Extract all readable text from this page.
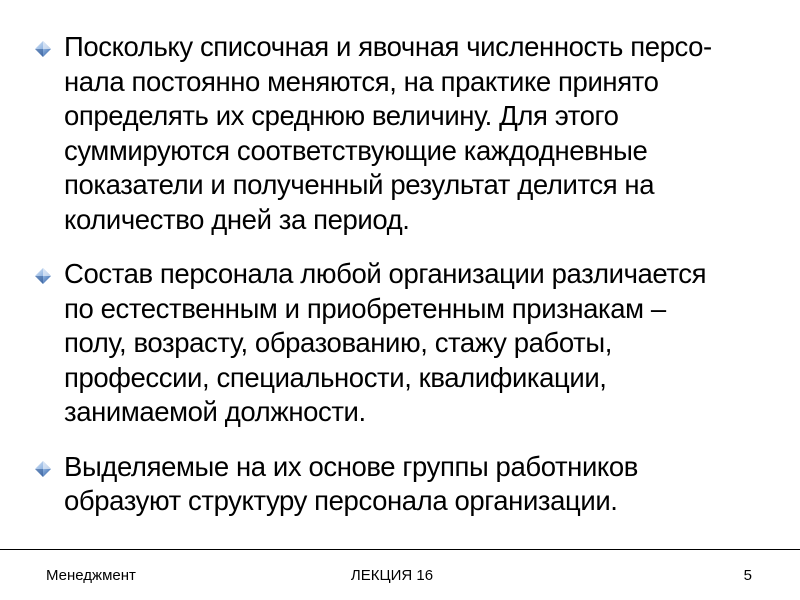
Поскольку списочная и явочная численность персо-
нала постоянно меняются, на практике принято
определять их среднюю величину. Для этого
суммируются соответствующие каждодневные
показатели и полученный результат делится на
количество дней за период.
Состав персонала любой организации различается
по естественным и приобретенным признакам –
полу, возрасту, образованию, стажу работы,
профессии, специальности, квалификации,
занимаемой должности.
Выделяемые на их основе группы работников
образуют структуру персонала организации.
Менеджмент	ЛЕКЦИЯ 16	5
